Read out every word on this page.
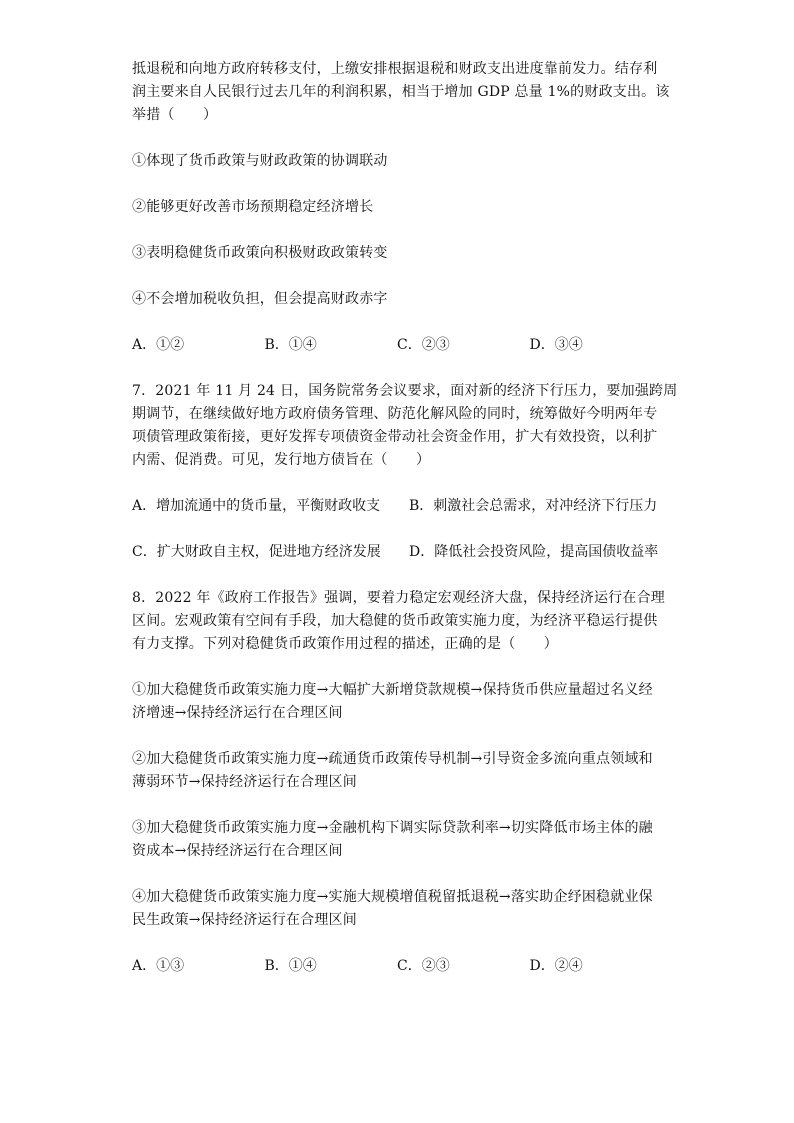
抵退税和向地方政府转移支付，上缴安排根据退税和财政支出进度靠前发力。结存利
润主要来自人民银行过去几年的利润积累，相当于增加 GDP 总量 1%的财政支出。该
举措（　　）
①体现了货币政策与财政政策的协调联动
②能够更好改善市场预期稳定经济增长
③表明稳健货币政策向积极财政政策转变
④不会增加税收负担，但会提高财政赤字
A．①②	B．①④	C．②③	D．③④
7．2021 年 11 月 24 日，国务院常务会议要求，面对新的经济下行压力，要加强跨周
期调节，在继续做好地方政府债务管理、防范化解风险的同时，统筹做好今明两年专
项债管理政策衔接，更好发挥专项债资金带动社会资金作用，扩大有效投资，以利扩
内需、促消费。可见，发行地方债旨在（　　）
A．增加流通中的货币量，平衡财政收支	B．刺激社会总需求，对冲经济下行压力
C．扩大财政自主权，促进地方经济发展	D．降低社会投资风险，提高国债收益率
8．2022 年《政府工作报告》强调，要着力稳定宏观经济大盘，保持经济运行在合理
区间。宏观政策有空间有手段，加大稳健的货币政策实施力度，为经济平稳运行提供
有力支撑。下列对稳健货币政策作用过程的描述，正确的是（　　）
①加大稳健货币政策实施力度→大幅扩大新增贷款规模→保持货币供应量超过名义经
济增速→保持经济运行在合理区间
②加大稳健货币政策实施力度→疏通货币政策传导机制→引导资金多流向重点领域和
薄弱环节→保持经济运行在合理区间
③加大稳健货币政策实施力度→金融机构下调实际贷款利率→切实降低市场主体的融
资成本→保持经济运行在合理区间
④加大稳健货币政策实施力度→实施大规模增值税留抵退税→落实助企纾困稳就业保
民生政策→保持经济运行在合理区间
A．①③	B．①④	C．②③	D．②④
